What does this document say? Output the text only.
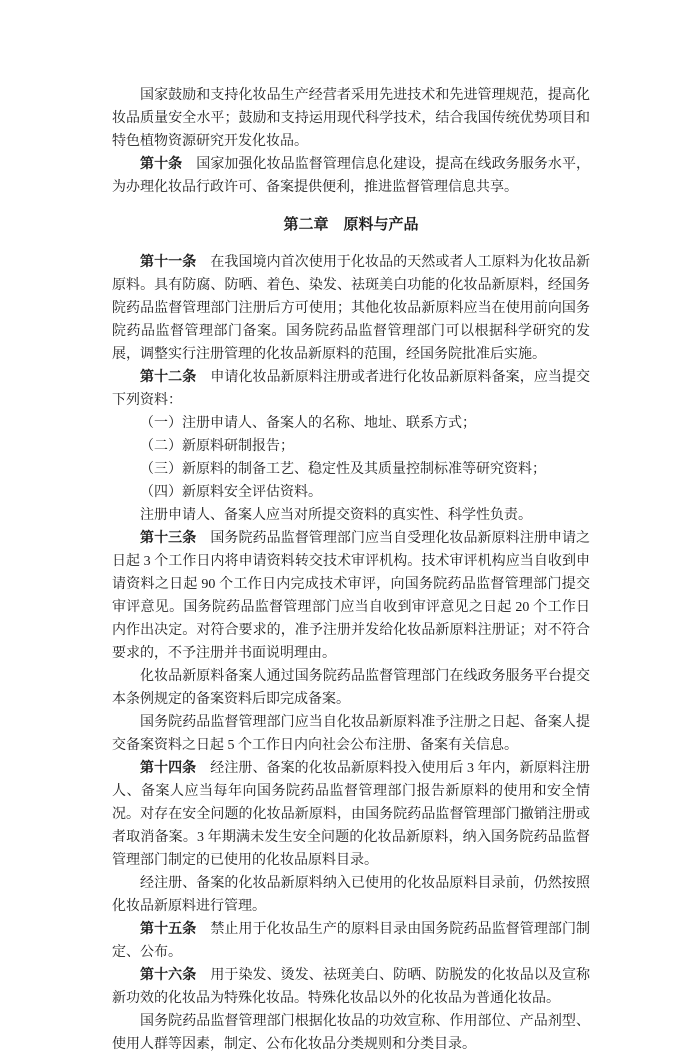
国家鼓励和支持化妆品生产经营者采用先进技术和先进管理规范，提高化妆品质量安全水平；鼓励和支持运用现代科学技术，结合我国传统优势项目和特色植物资源研究开发化妆品。

第十条　国家加强化妆品监督管理信息化建设，提高在线政务服务水平，为办理化妆品行政许可、备案提供便利，推进监督管理信息共享。

第二章　原料与产品

第十一条　在我国境内首次使用于化妆品的天然或者人工原料为化妆品新原料。具有防腐、防晒、着色、染发、祛斑美白功能的化妆品新原料，经国务院药品监督管理部门注册后方可使用；其他化妆品新原料应当在使用前向国务院药品监督管理部门备案。国务院药品监督管理部门可以根据科学研究的发展，调整实行注册管理的化妆品新原料的范围，经国务院批准后实施。

第十二条　申请化妆品新原料注册或者进行化妆品新原料备案，应当提交下列资料：

（一）注册申请人、备案人的名称、地址、联系方式；

（二）新原料研制报告；

（三）新原料的制备工艺、稳定性及其质量控制标准等研究资料；

（四）新原料安全评估资料。

注册申请人、备案人应当对所提交资料的真实性、科学性负责。

第十三条　国务院药品监督管理部门应当自受理化妆品新原料注册申请之日起 3 个工作日内将申请资料转交技术审评机构。技术审评机构应当自收到申请资料之日起 90 个工作日内完成技术审评，向国务院药品监督管理部门提交审评意见。国务院药品监督管理部门应当自收到审评意见之日起 20 个工作日内作出决定。对符合要求的，准予注册并发给化妆品新原料注册证；对不符合要求的，不予注册并书面说明理由。

化妆品新原料备案人通过国务院药品监督管理部门在线政务服务平台提交本条例规定的备案资料后即完成备案。

国务院药品监督管理部门应当自化妆品新原料准予注册之日起、备案人提交备案资料之日起 5 个工作日内向社会公布注册、备案有关信息。

第十四条　经注册、备案的化妆品新原料投入使用后 3 年内，新原料注册人、备案人应当每年向国务院药品监督管理部门报告新原料的使用和安全情况。对存在安全问题的化妆品新原料，由国务院药品监督管理部门撤销注册或者取消备案。3 年期满未发生安全问题的化妆品新原料，纳入国务院药品监督管理部门制定的已使用的化妆品原料目录。

经注册、备案的化妆品新原料纳入已使用的化妆品原料目录前，仍然按照化妆品新原料进行管理。

第十五条　禁止用于化妆品生产的原料目录由国务院药品监督管理部门制定、公布。

第十六条　用于染发、烫发、祛斑美白、防晒、防脱发的化妆品以及宣称新功效的化妆品为特殊化妆品。特殊化妆品以外的化妆品为普通化妆品。

国务院药品监督管理部门根据化妆品的功效宣称、作用部位、产品剂型、使用人群等因素，制定、公布化妆品分类规则和分类目录。
